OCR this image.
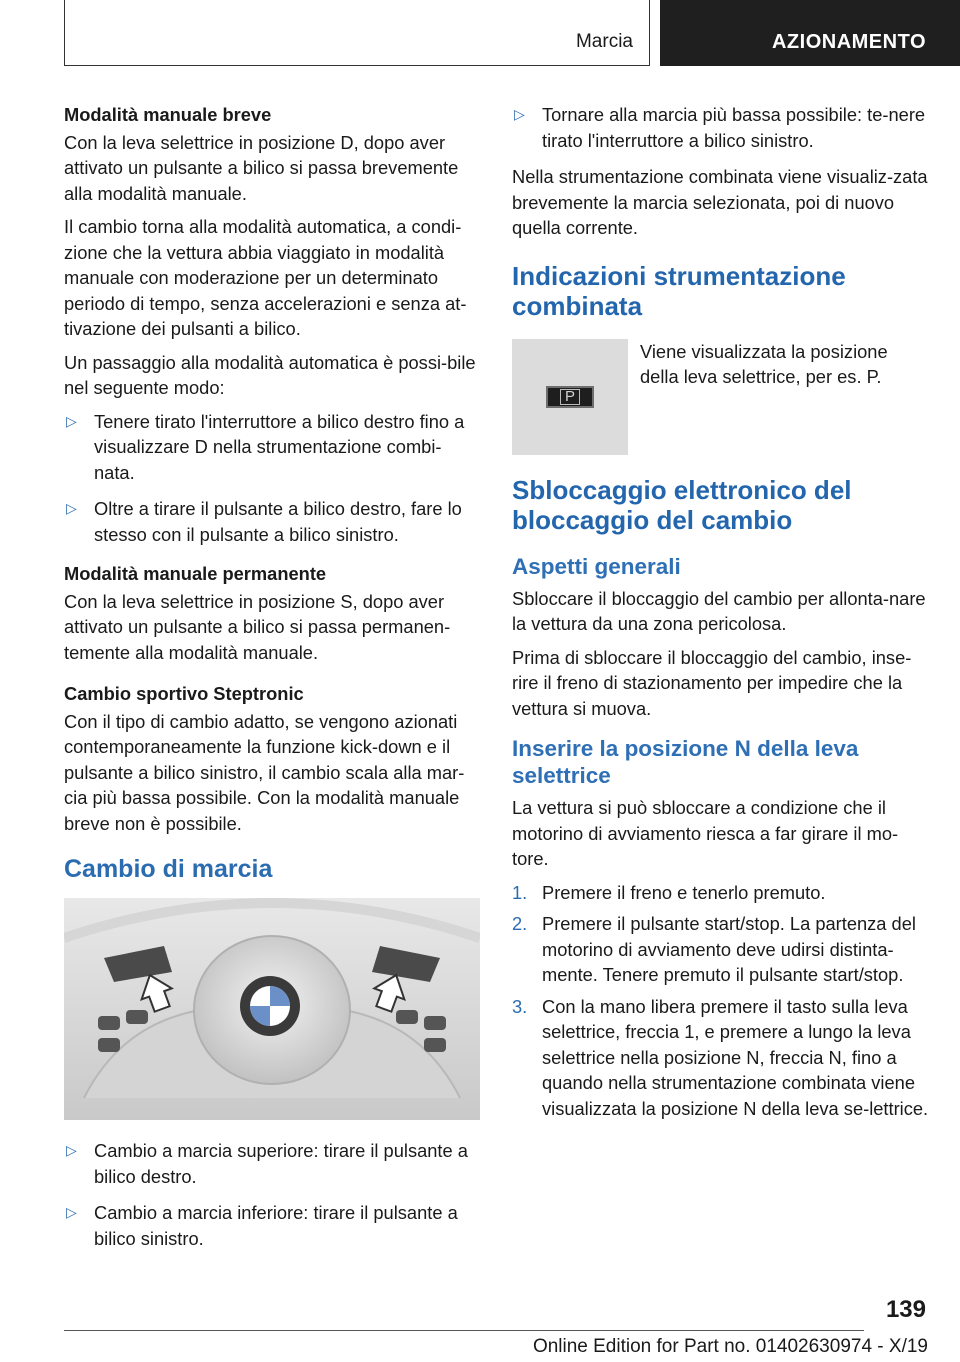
Marcia	AZIONAMENTO
Modalità manuale breve
Con la leva selettrice in posizione D, dopo aver attivato un pulsante a bilico si passa brevemente alla modalità manuale.
Il cambio torna alla modalità automatica, a condi-zione che la vettura abbia viaggiato in modalità manuale con moderazione per un determinato periodo di tempo, senza accelerazioni e senza at-tivazione dei pulsanti a bilico.
Un passaggio alla modalità automatica è possi-bile nel seguente modo:
▷ Tenere tirato l'interruttore a bilico destro fino a visualizzare D nella strumentazione combi-nata.
▷ Oltre a tirare il pulsante a bilico destro, fare lo stesso con il pulsante a bilico sinistro.
Modalità manuale permanente
Con la leva selettrice in posizione S, dopo aver attivato un pulsante a bilico si passa permanen-temente alla modalità manuale.
Cambio sportivo Steptronic
Con il tipo di cambio adatto, se vengono azionati contemporaneamente la funzione kick-down e il pulsante a bilico sinistro, il cambio scala alla mar-cia più bassa possibile. Con la modalità manuale breve non è possibile.
Cambio di marcia
▷ Cambio a marcia superiore: tirare il pulsante a bilico destro.
▷ Cambio a marcia inferiore: tirare il pulsante a bilico sinistro.
▷ Tornare alla marcia più bassa possibile: te-nere tirato l'interruttore a bilico sinistro.
Nella strumentazione combinata viene visualiz-zata brevemente la marcia selezionata, poi di nuovo quella corrente.
Indicazioni strumentazione combinata
P
Viene visualizzata la posizione della leva selettrice, per es. P.
Sbloccaggio elettronico del bloccaggio del cambio
Aspetti generali
Sbloccare il bloccaggio del cambio per allonta-nare la vettura da una zona pericolosa.
Prima di sbloccare il bloccaggio del cambio, inse-rire il freno di stazionamento per impedire che la vettura si muova.
Inserire la posizione N della leva selettrice
La vettura si può sbloccare a condizione che il motorino di avviamento riesca a far girare il mo-tore.
1. Premere il freno e tenerlo premuto.
2. Premere il pulsante start/stop. La partenza del motorino di avviamento deve udirsi distinta-mente. Tenere premuto il pulsante start/stop.
3. Con la mano libera premere il tasto sulla leva selettrice, freccia 1, e premere a lungo la leva selettrice nella posizione N, freccia N, fino a quando nella strumentazione combinata viene visualizzata la posizione N della leva se-lettrice.
139
Online Edition for Part no. 01402630974 - X/19
